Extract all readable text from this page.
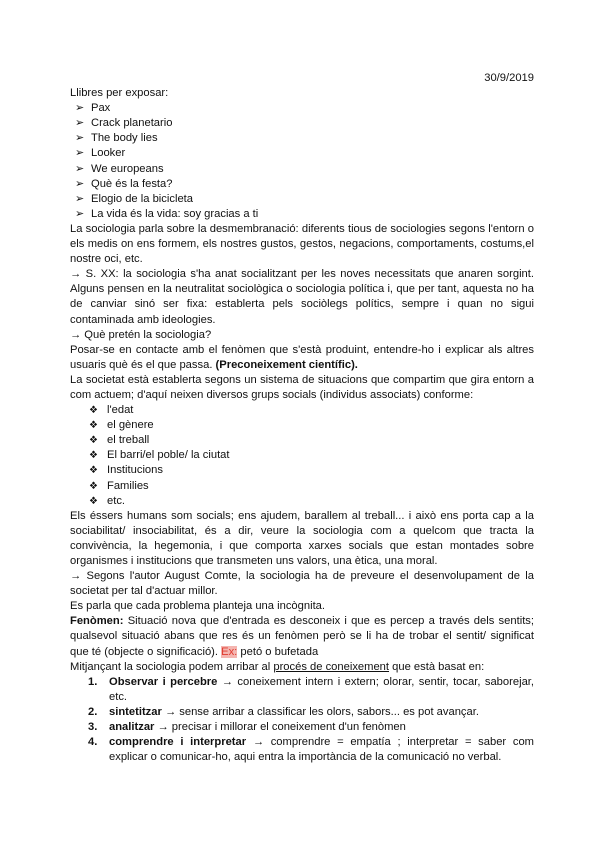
30/9/2019

Llibres per exposar:

➢ Pax
➢ Crack planetario
➢ The body lies
➢ Looker
➢ We europeans
➢ Què és la festa?
➢ Elogio de la bicicleta
➢ La vida és la vida: soy gracias a ti

La sociologia parla sobre la desmembranació: diferents tious de sociologies segons l'entorn o els medis on ens formem, els nostres gustos, gestos, negacions, comportaments, costums,el nostre oci, etc.

→ S. XX: la sociologia s'ha anat socialitzant per les noves necessitats que anaren sorgint. Alguns pensen en la neutralitat sociològica o sociologia política i, que per tant, aquesta no ha de canviar sinó ser fixa: establerta pels sociòlegs polítics, sempre i quan no sigui contaminada amb ideologies.

→ Què pretén la sociologia?

Posar-se en contacte amb el fenòmen que s'està produint, entendre-ho i explicar als altres usuaris què és el que passa. (Preconeixement científic).

La societat està establerta segons un sistema de situacions que compartim que gira entorn a com actuem; d'aquí neixen diversos grups socials (individus associats) conforme:

❖ l'edat
❖ el gènere
❖ el treball
❖ El barri/el poble/ la ciutat
❖ Institucions
❖ Families
❖ etc.

Els éssers humans som socials; ens ajudem, barallem al treball... i això ens porta cap a la sociabilitat/ insociabilitat, és a dir, veure la sociologia com a quelcom que tracta la convivència, la hegemonia, i que comporta xarxes socials que estan montades sobre organismes i institucions que transmeten uns valors, una ètica, una moral.

→ Segons l'autor August Comte, la sociologia ha de preveure el desenvolupament de la societat per tal d'actuar millor.

Es parla que cada problema planteja una incògnita.

Fenòmen: Situació nova que d'entrada es desconeix i que es percep a través dels sentits; qualsevol situació abans que res és un fenòmen però se li ha de trobar el sentit/ significat que té (objecte o significació). Ex: petó o bufetada

Mitjançant la sociologia podem arribar al procés de coneixement que està basat en:

1. Observar i percebre → coneixement intern i extern; olorar, sentir, tocar, saborejar, etc.
2. sintetitzar → sense arribar a classificar les olors, sabors... es pot avançar.
3. analitzar → precisar i millorar el coneixement d'un fenòmen
4. comprendre i interpretar → comprendre = empatía ; interpretar = saber com explicar o comunicar-ho, aqui entra la importància de la comunicació no verbal.
